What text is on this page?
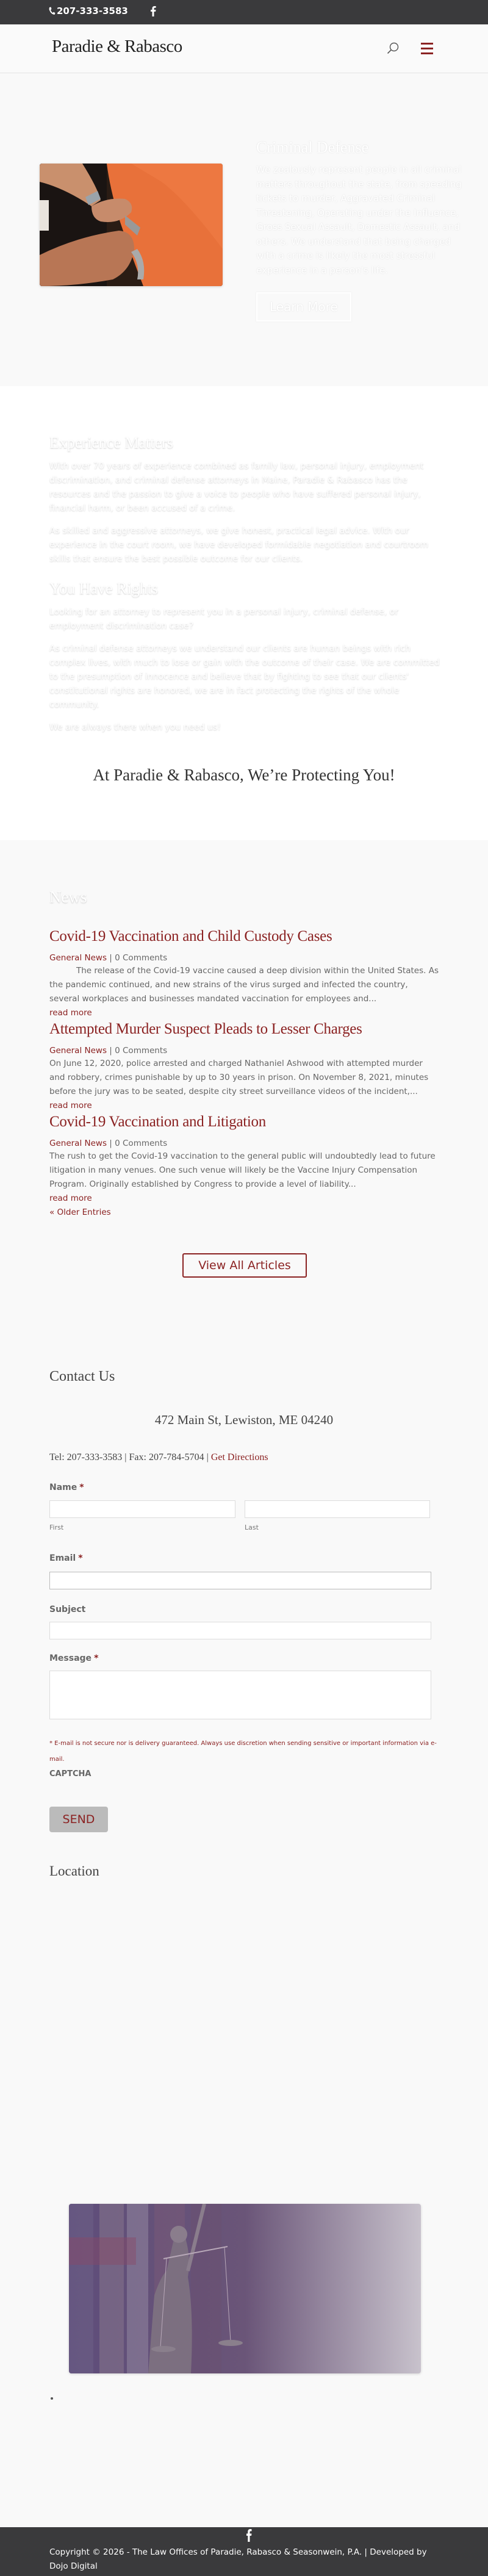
207-333-3583
Paradie & Rabasco
Criminal Defense
We zealously represent people in all criminal matters throughout the state, from speeding tickets to murder, Aggravated Criminal Threatening, Operating under the Influence, Gross Sexual Assault, Domestic Assault, and others. We understand that being charged with a crime is likely the most stressful experience in a person's life.
Learn More
Experience Matters

With over 70 years of experience combined as family law, personal injury, employment discrimination, and criminal defense attorneys in Maine, Paradie & Rabasco has the resources and the passion to give a voice to people who have suffered personal injury, financial harm, or been accused of a crime.

As skilled and aggressive attorneys, we give honest, practical legal advice. With our experience in the court room, we have developed formidable negotiation and courtroom skills that ensure the best possible outcome for our clients.

You Have Rights

Looking for an attorney to represent you in a personal injury, criminal defense, or employment discrimination case?

As criminal defense attorneys we understand our clients are human beings with rich complex lives, with much to lose or gain with the outcome of their case. We are committed to the presumption of innocence and believe that by fighting to see that our clients' constitutional rights are honored, we are in fact protecting the rights of the whole community.

We are always there when you need us!

At Paradie & Rabasco, We’re Protecting You!
News
Covid-19 Vaccination and Child Custody Cases
General News | 0 Comments
The release of the Covid-19 vaccine caused a deep division within the United States. As the pandemic continued, and new strains of the virus surged and infected the country, several workplaces and businesses mandated vaccination for employees and...
read more
Attempted Murder Suspect Pleads to Lesser Charges
General News | 0 Comments
On June 12, 2020, police arrested and charged Nathaniel Ashwood with attempted murder and robbery, crimes punishable by up to 30 years in prison. On November 8, 2021, minutes before the jury was to be seated, despite city street surveillance videos of the incident,...
read more
Covid-19 Vaccination and Litigation
General News | 0 Comments
The rush to get the Covid-19 vaccination to the general public will undoubtedly lead to future litigation in many venues. One such venue will likely be the Vaccine Injury Compensation Program. Originally established by Congress to provide a level of liability...
read more
« Older Entries
View All Articles
Contact Us
472 Main St, Lewiston, ME 04240
Tel: 207-333-3583 | Fax: 207-784-5704 | Get Directions
Name *
First	Last
Email *
Subject
Message *
* E-mail is not secure nor is delivery guaranteed. Always use discretion when sending sensitive or important information via e-mail.
CAPTCHA
SEND
Location
Copyright © 2026 - The Law Offices of Paradie, Rabasco & Seasonwein, P.A. | Developed by Dojo Digital
